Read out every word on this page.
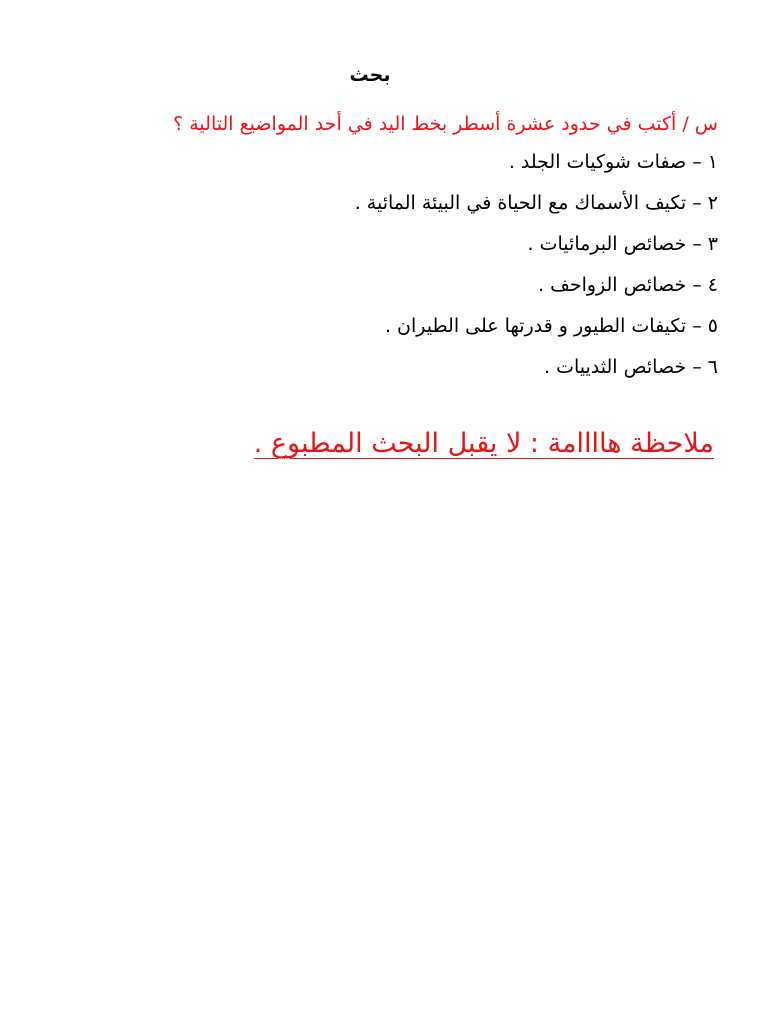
بحث
س / أكتب في حدود عشرة أسطر بخط اليد في أحد المواضيع التالية ؟
١ – صفات شوكيات الجلد .
٢ – تكيف الأسماك مع الحياة في البيئة المائية .
٣ – خصائص البرمائيات .
٤ – خصائص الزواحف .
٥ – تكيفات الطيور و قدرتها على الطيران .
٦ – خصائص الثدييات .
ملاحظة هاااامة : لا يقبل البحث المطبوع .
